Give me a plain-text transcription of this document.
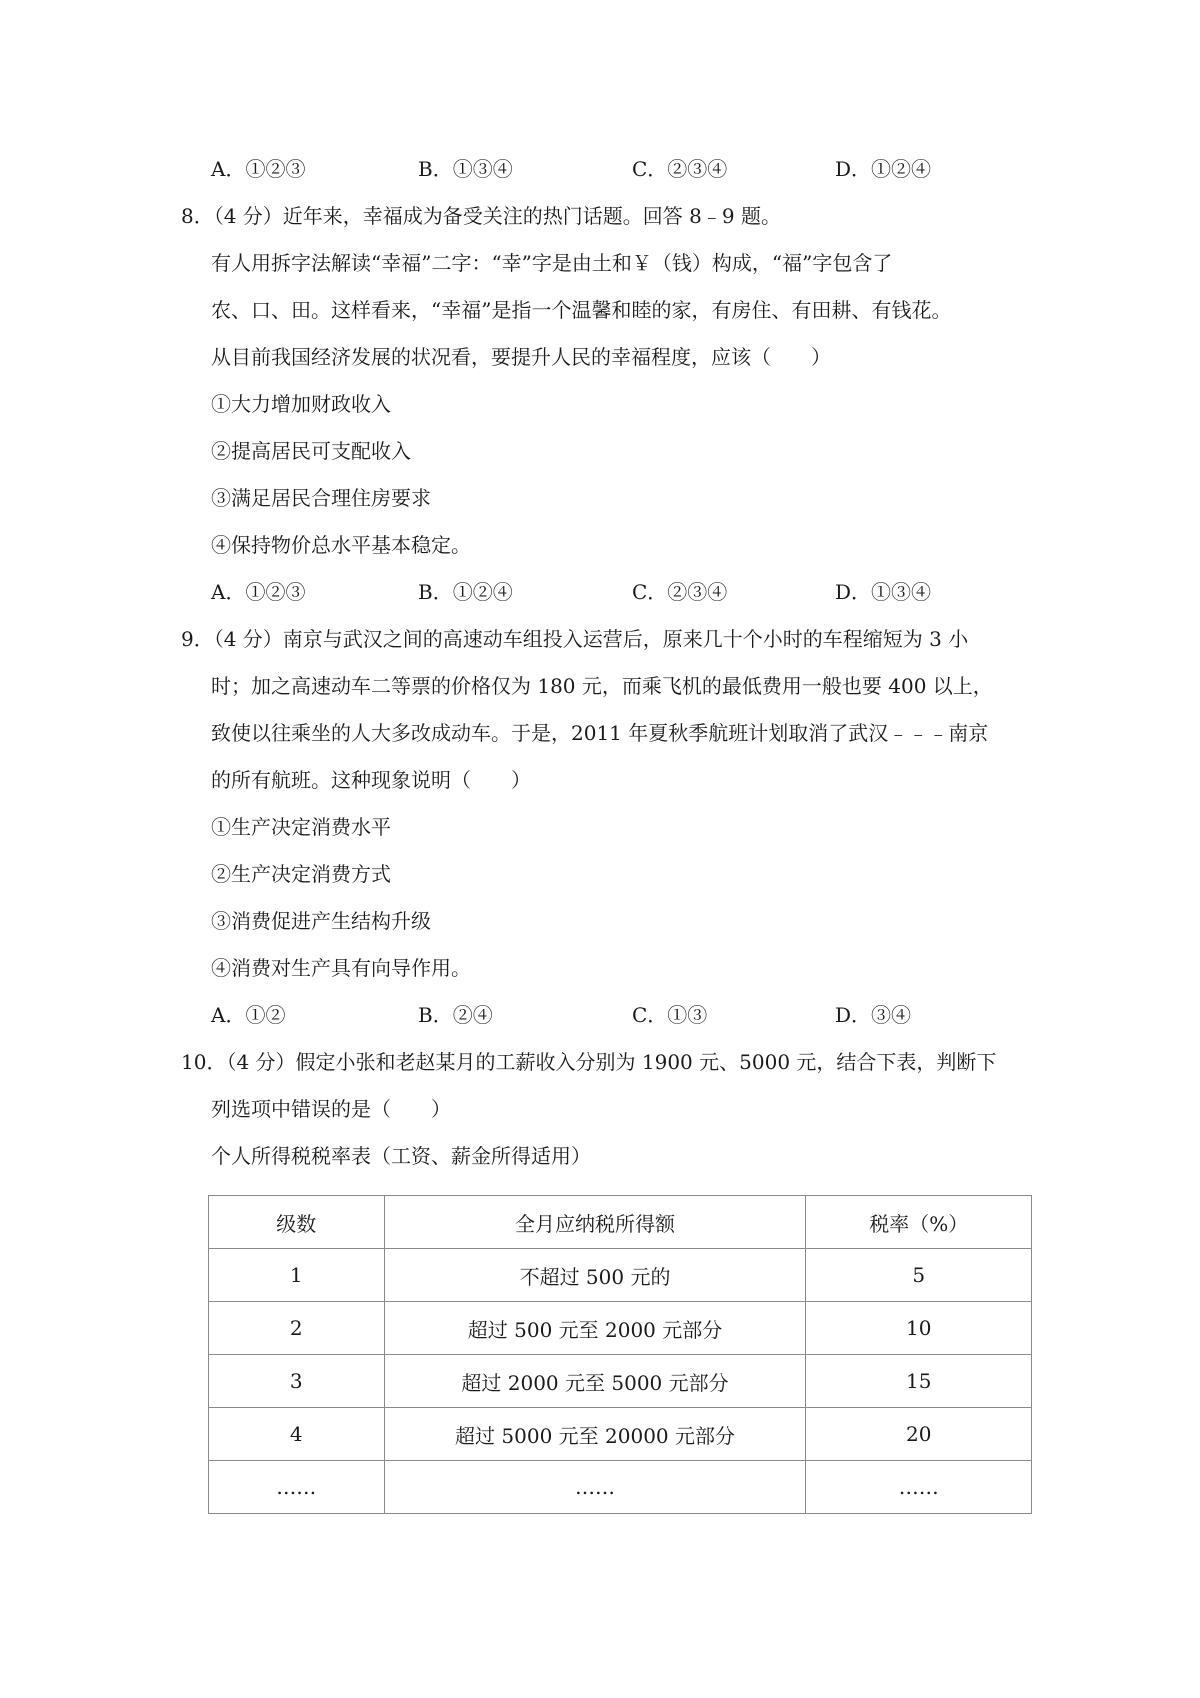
A．①②③	B．①③④	C．②③④	D．①②④
8．（4 分）近年来，幸福成为备受关注的热门话题。回答 8﹣9 题。
有人用拆字法解读“幸福”二字：“幸”字是由土和￥（钱）构成，“福”字包含了
农、口、田。这样看来，“幸福”是指一个温馨和睦的家，有房住、有田耕、有钱花。
从目前我国经济发展的状况看，要提升人民的幸福程度，应该（　　）
①大力增加财政收入
②提高居民可支配收入
③满足居民合理住房要求
④保持物价总水平基本稳定。
A．①②③	B．①②④	C．②③④	D．①③④
9．（4 分）南京与武汉之间的高速动车组投入运营后，原来几十个小时的车程缩短为 3 小
时；加之高速动车二等票的价格仅为 180 元，而乘飞机的最低费用一般也要 400 以上，
致使以往乘坐的人大多改成动车。于是，2011 年夏秋季航班计划取消了武汉﹣﹣﹣南京
的所有航班。这种现象说明（　　）
①生产决定消费水平
②生产决定消费方式
③消费促进产生结构升级
④消费对生产具有向导作用。
A．①②	B．②④	C．①③	D．③④
10．（4 分）假定小张和老赵某月的工薪收入分别为 1900 元、5000 元，结合下表，判断下
列选项中错误的是（　　）
个人所得税税率表（工资、薪金所得适用）
级数	全月应纳税所得额	税率（%）
1	不超过 500 元的	5
2	超过 500 元至 2000 元部分	10
3	超过 2000 元至 5000 元部分	15
4	超过 5000 元至 20000 元部分	20
……	……	……
